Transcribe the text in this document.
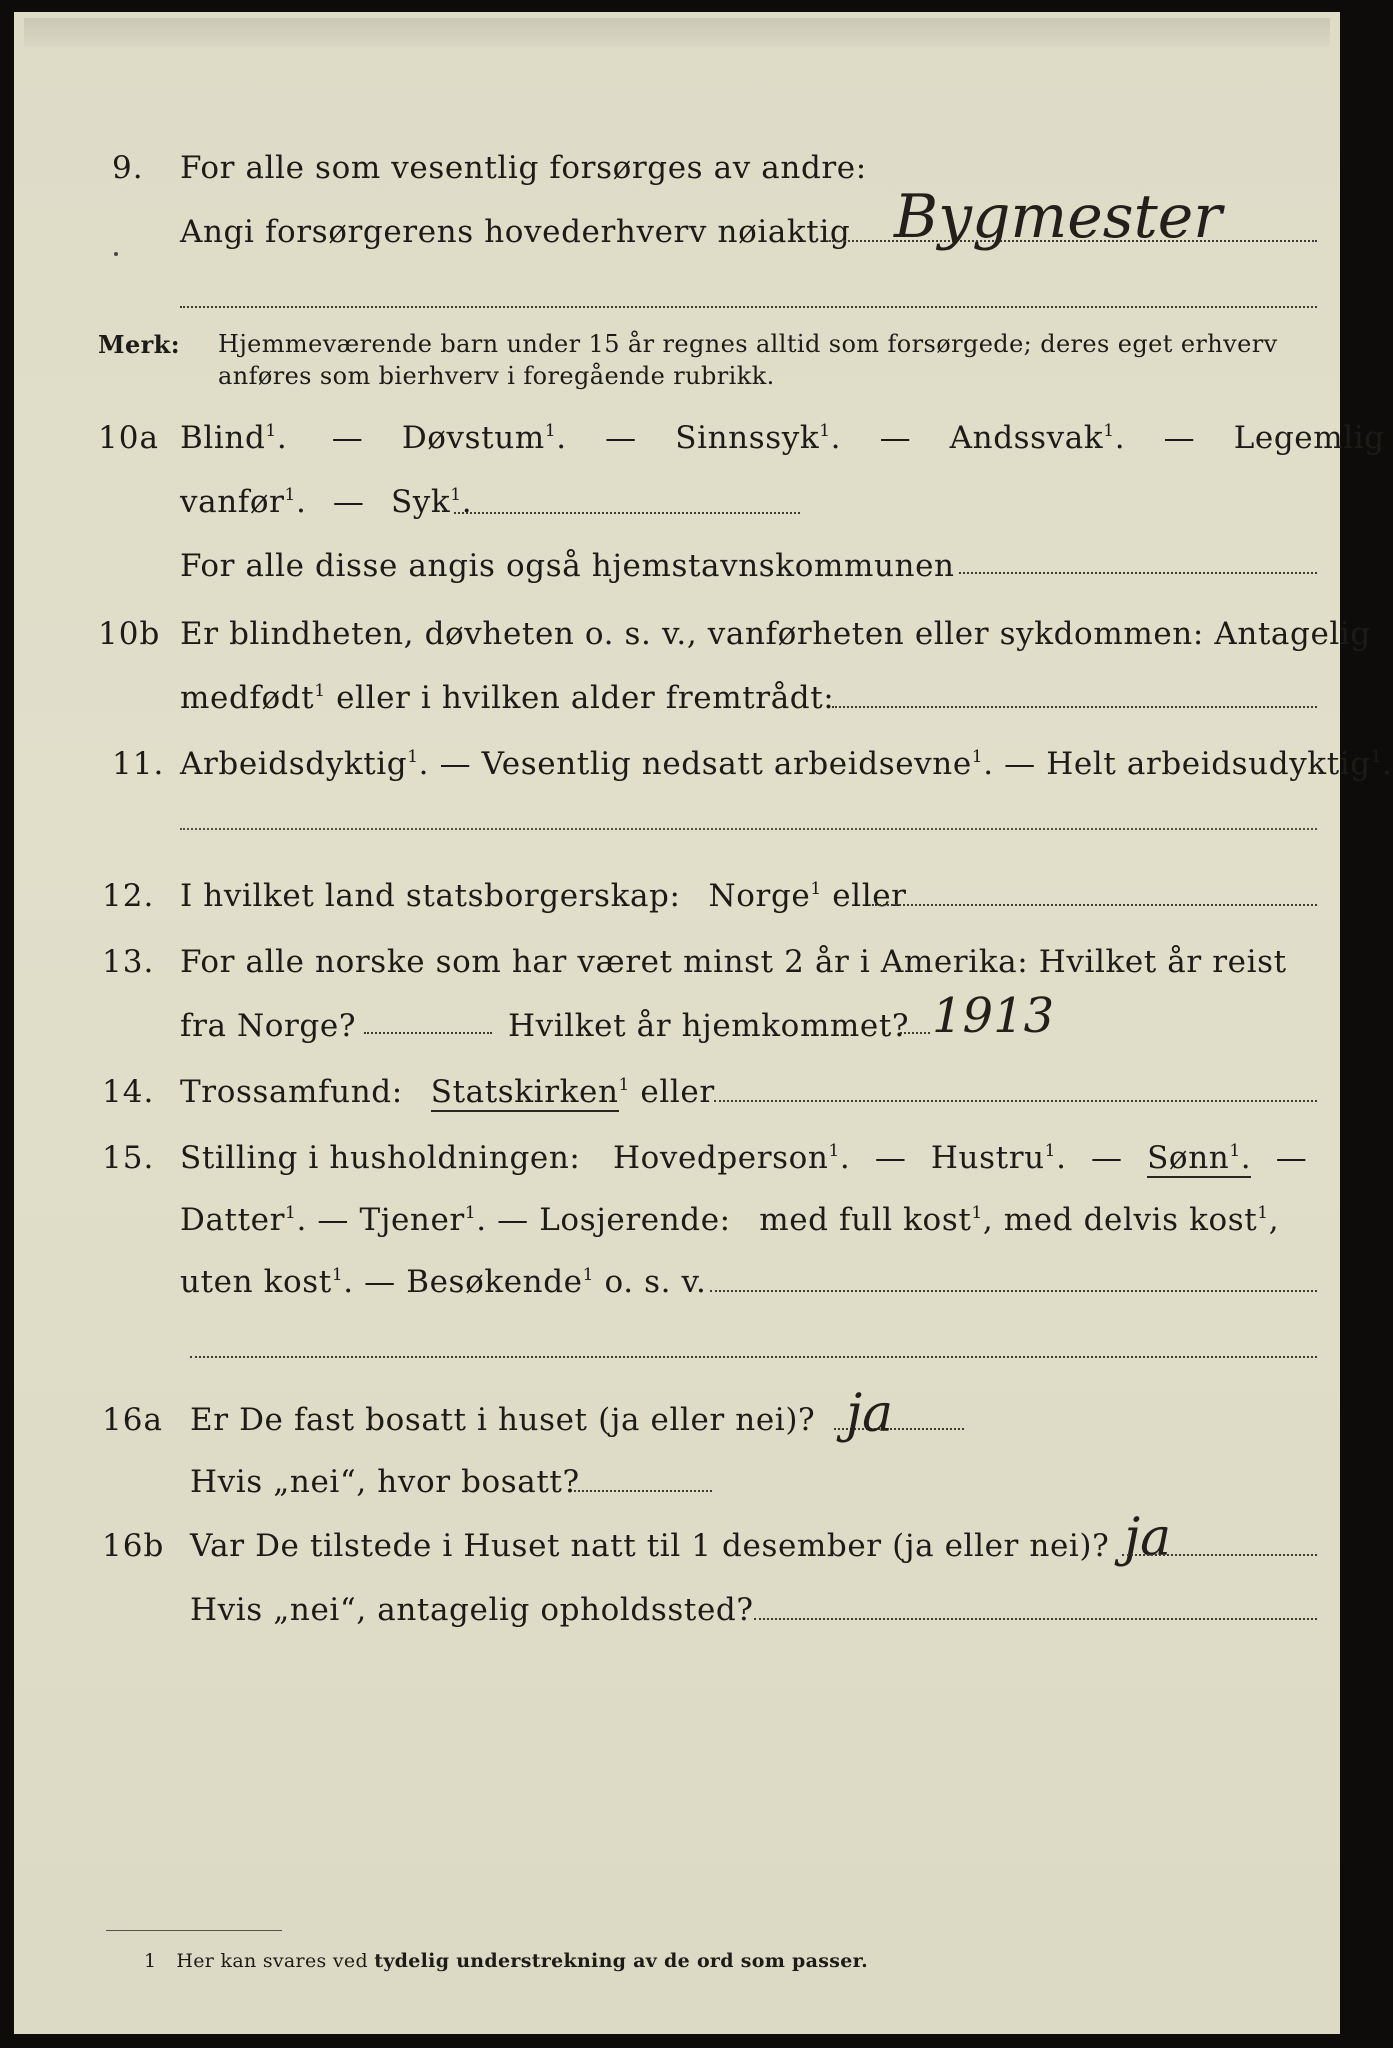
9. For alle som vesentlig forsørges av andre:
Angi forsørgerens hovederhverv nøiaktig Bygmester
Merk: Hjemmeværende barn under 15 år regnes alltid som forsørgede; deres eget erhverv
anføres som bierhverv i foregående rubrikk.
10a Blind$^1$. — Døvstum$^1$. — Sinnssyk$^1$. — Andssvak$^1$. — Legemlig
vanfør$^1$. — Syk$^1$.
For alle disse angis også hjemstavnskommunen
10b Er blindheten, døvheten o. s. v., vanførheten eller sykdommen: Antagelig
medfødt$^1$ eller i hvilken alder fremtrådt:
11. Arbeidsdyktig$^1$. — Vesentlig nedsatt arbeidsevne$^1$. — Helt arbeidsudyktig$^1$.
12. I hvilket land statsborgerskap: Norge$^1$ eller
13. For alle norske som har været minst 2 år i Amerika: Hvilket år reist
fra Norge?	Hvilket år hjemkommet? 1913
14. Trossamfund: Statskirken$^1$ eller
15. Stilling i husholdningen: Hovedperson$^1$. — Hustru$^1$. — Sønn$^1$. —
Datter$^1$. — Tjener$^1$. — Losjerende: med full kost$^1$, med delvis kost$^1$,
uten kost$^1$. — Besøkende$^1$ o. s. v.
16a Er De fast bosatt i huset (ja eller nei)? ja
Hvis „nei“, hvor bosatt?
16b Var De tilstede i Huset natt til 1 desember (ja eller nei)? ja
Hvis „nei“, antagelig opholdssted?
1 Her kan svares ved tydelig understrekning av de ord som passer.
